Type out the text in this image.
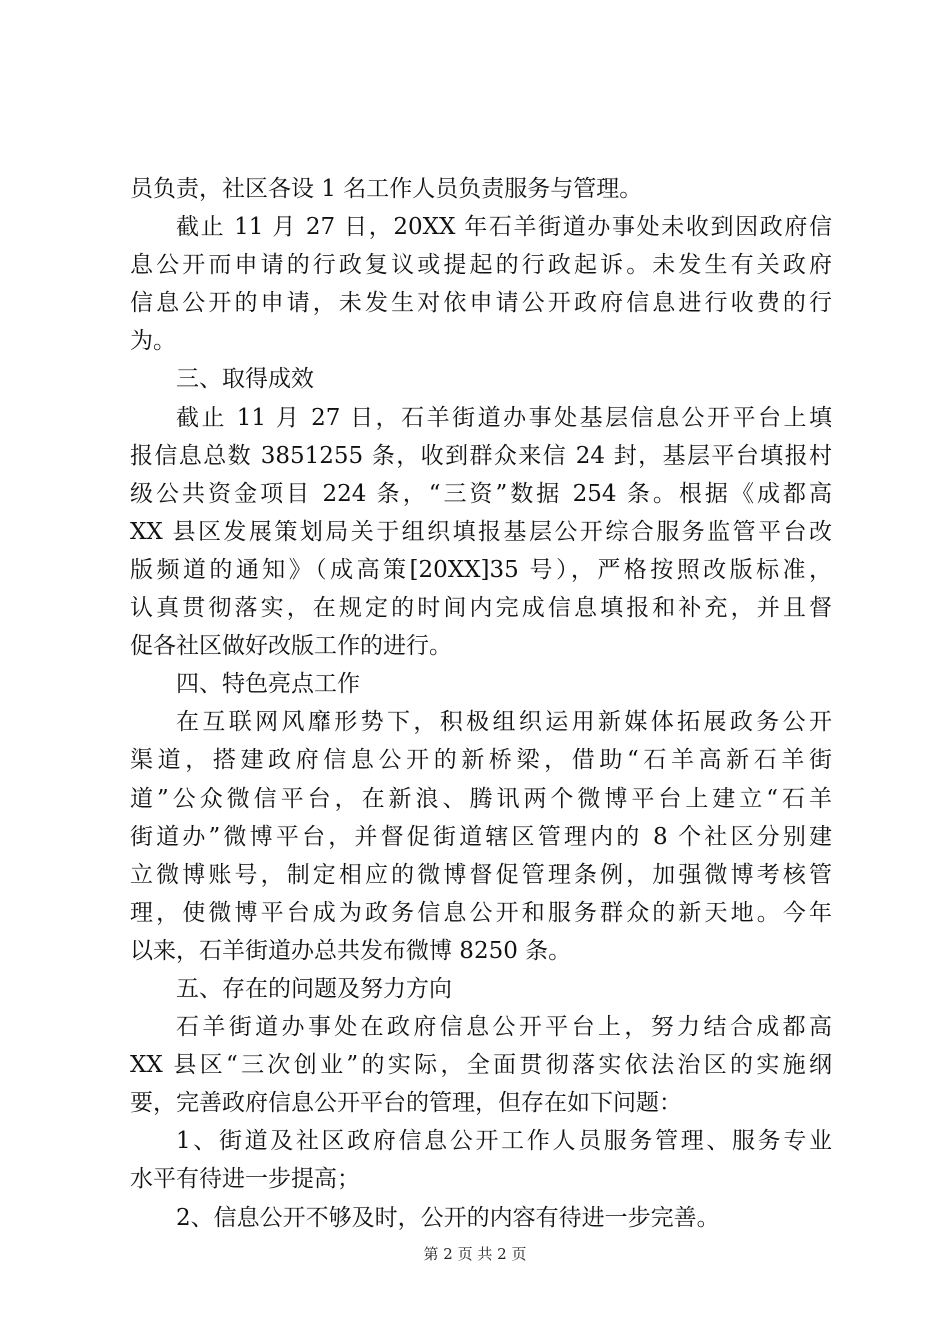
员负责，社区各设 1 名工作人员负责服务与管理。
截止 11 月 27 日，20XX 年石羊街道办事处未收到因政府信
息公开而申请的行政复议或提起的行政起诉。未发生有关政府
信息公开的申请，未发生对依申请公开政府信息进行收费的行
为。
三、取得成效
截止 11 月 27 日，石羊街道办事处基层信息公开平台上填
报信息总数 3851255 条，收到群众来信 24 封，基层平台填报村
级公共资金项目 224 条，“三资”数据 254 条。根据《成都高
XX 县区发展策划局关于组织填报基层公开综合服务监管平台改
版频道的通知》（成高策[20XX]35 号），严格按照改版标准，
认真贯彻落实，在规定的时间内完成信息填报和补充，并且督
促各社区做好改版工作的进行。
四、特色亮点工作
在互联网风靡形势下，积极组织运用新媒体拓展政务公开
渠道，搭建政府信息公开的新桥梁，借助“石羊高新石羊街
道”公众微信平台，在新浪、腾讯两个微博平台上建立“石羊
街道办”微博平台，并督促街道辖区管理内的 8 个社区分别建
立微博账号，制定相应的微博督促管理条例，加强微博考核管
理，使微博平台成为政务信息公开和服务群众的新天地。今年
以来，石羊街道办总共发布微博 8250 条。
五、存在的问题及努力方向
石羊街道办事处在政府信息公开平台上，努力结合成都高
XX 县区“三次创业”的实际，全面贯彻落实依法治区的实施纲
要，完善政府信息公开平台的管理，但存在如下问题：
1、街道及社区政府信息公开工作人员服务管理、服务专业
水平有待进一步提高；
2、信息公开不够及时，公开的内容有待进一步完善。
第 2 页 共 2 页
